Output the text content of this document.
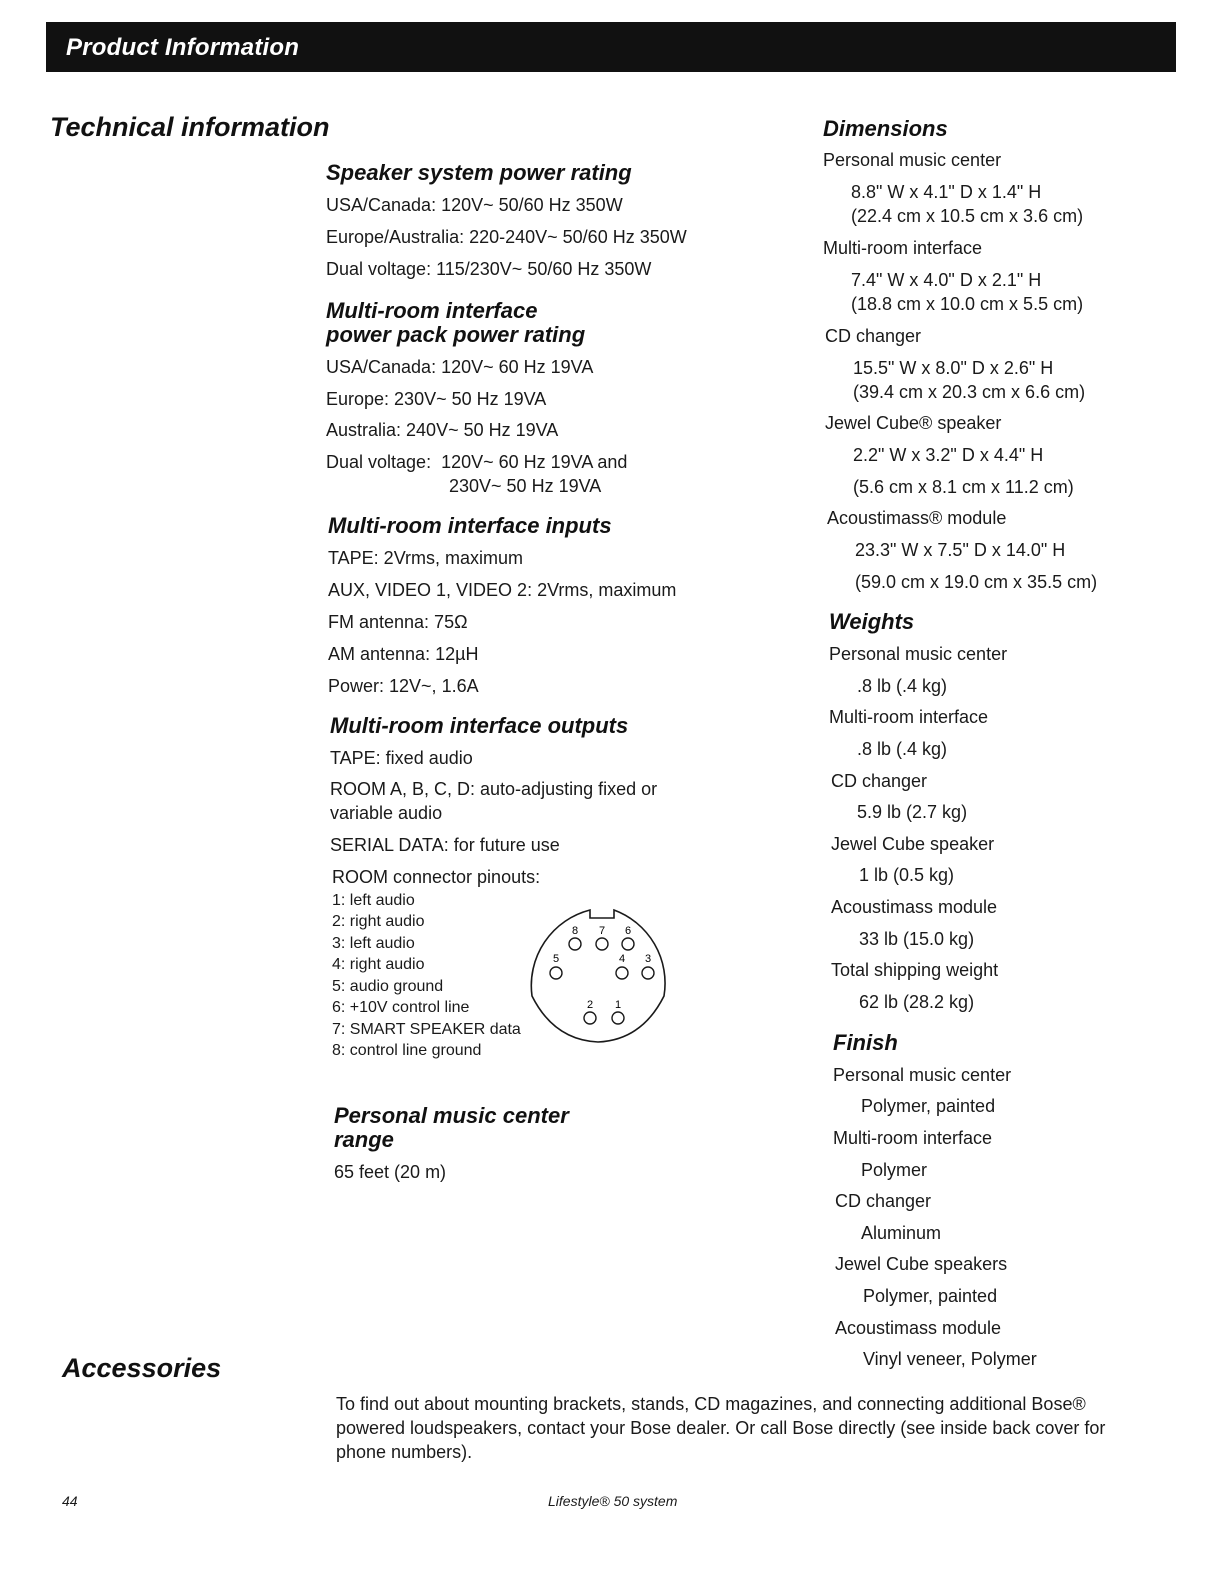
Product Information
Technical information
Accessories
Speaker system power rating
USA/Canada: 120V~ 50/60 Hz 350W
Europe/Australia: 220-240V~ 50/60 Hz 350W
Dual voltage: 115/230V~ 50/60 Hz 350W
Multi-room interface
power pack power rating
USA/Canada: 120V~ 60 Hz 19VA
Europe: 230V~ 50 Hz 19VA
Australia: 240V~ 50 Hz 19VA
Dual voltage:  120V~ 60 Hz 19VA and
230V~ 50 Hz 19VA
Multi-room interface inputs
TAPE: 2Vrms, maximum
AUX, VIDEO 1, VIDEO 2: 2Vrms, maximum
FM antenna: 75Ω
AM antenna: 12µH
Power: 12V~, 1.6A
Multi-room interface outputs
TAPE: fixed audio
ROOM A, B, C, D: auto-adjusting fixed or variable audio
SERIAL DATA: for future use
ROOM connector pinouts:
1: left audio
2: right audio
3: left audio
4: right audio
5: audio ground
6: +10V control line
7: SMART SPEAKER data
8: control line ground
8 7 6
5	4 3
2 1
Personal music center
range
65 feet (20 m)
Dimensions
Personal music center
8.8" W x 4.1" D x 1.4" H
(22.4 cm x 10.5 cm x 3.6 cm)
Multi-room interface
7.4" W x 4.0" D x 2.1" H
(18.8 cm x 10.0 cm x 5.5 cm)
CD changer
15.5" W x 8.0" D x 2.6" H
(39.4 cm x 20.3 cm x 6.6 cm)
Jewel Cube® speaker
2.2" W x 3.2" D x 4.4" H
(5.6 cm x 8.1 cm x 11.2 cm)
Acoustimass® module
23.3" W x 7.5" D x 14.0" H
(59.0 cm x 19.0 cm x 35.5 cm)
Weights
Personal music center
.8 lb (.4 kg)
Multi-room interface
.8 lb (.4 kg)
CD changer
5.9 lb (2.7 kg)
Jewel Cube speaker
1 lb (0.5 kg)
Acoustimass module
33 lb (15.0 kg)
Total shipping weight
62 lb (28.2 kg)
Finish
Personal music center
Polymer, painted
Multi-room interface
Polymer
CD changer
Aluminum
Jewel Cube speakers
Polymer, painted
Acoustimass module
Vinyl veneer, Polymer
To find out about mounting brackets, stands, CD magazines, and connecting additional Bose® powered loudspeakers, contact your Bose dealer. Or call Bose directly (see inside back cover for phone numbers).
44	Lifestyle® 50 system
